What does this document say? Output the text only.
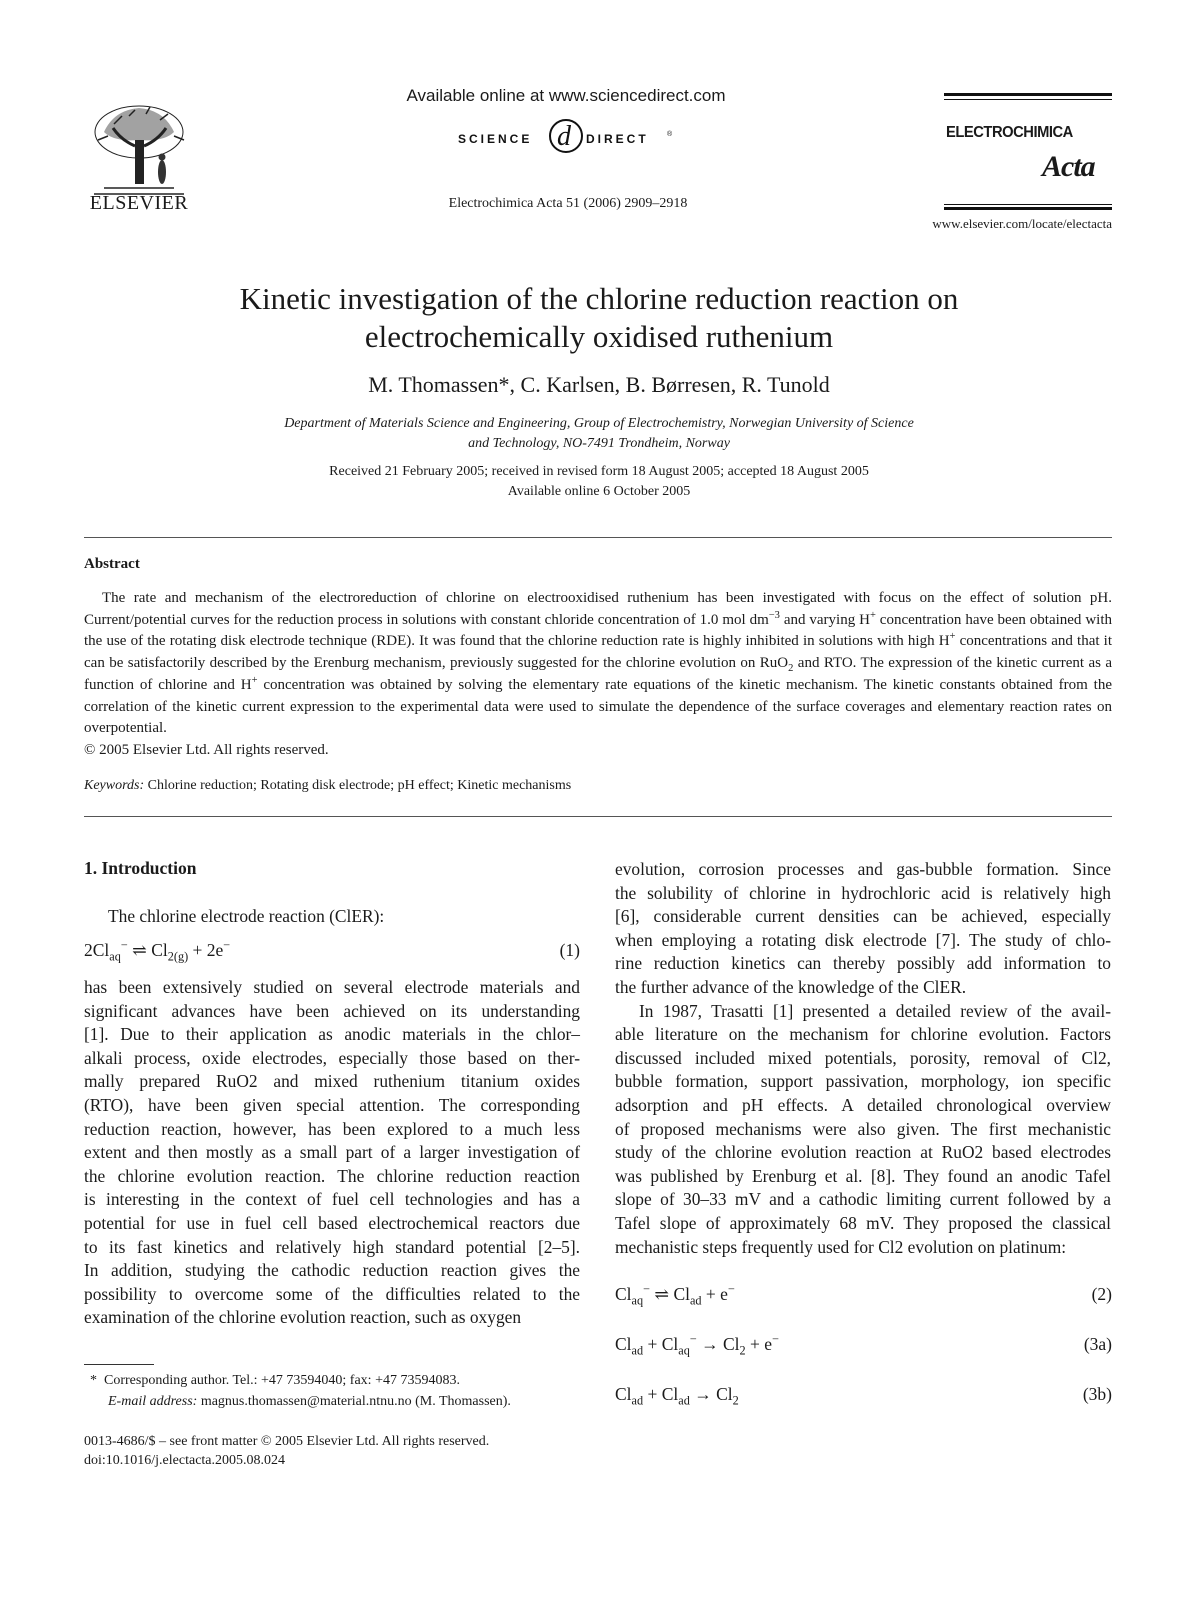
ELSEVIER
Available online at www.sciencedirect.com
SCIENCE d DIRECT	®
Electrochimica Acta 51 (2006) 2909–2918
ELECTROCHIMICA
Acta
www.elsevier.com/locate/electacta
Kinetic investigation of the chlorine reduction reaction on
electrochemically oxidised ruthenium
M. Thomassen*, C. Karlsen, B. Børresen, R. Tunold
Department of Materials Science and Engineering, Group of Electrochemistry, Norwegian University of Science
and Technology, NO-7491 Trondheim, Norway
Received 21 February 2005; received in revised form 18 August 2005; accepted 18 August 2005
Available online 6 October 2005
Abstract

The rate and mechanism of the electroreduction of chlorine on electrooxidised ruthenium has been investigated with focus on the effect of solution pH. Current/potential curves for the reduction process in solutions with constant chloride concentration of 1.0 mol $dm^{-3}$ and varying H+ concentration have been obtained with the use of the rotating disk electrode technique (RDE). It was found that the chlorine reduction rate is highly inhibited in solutions with high H+ concentrations and that it can be satisfactorily described by the Erenburg mechanism, previously suggested for the chlorine evolution on RuO$_2$ and RTO. The expression of the kinetic current as a function of chlorine and H+ concentration was obtained by solving the elementary rate equations of the kinetic mechanism. The kinetic constants obtained from the correlation of the kinetic current expression to the experimental data were used to simulate the dependence of the surface coverages and elementary reaction rates on overpotential.

© 2005 Elsevier Ltd. All rights reserved.

Keywords: Chlorine reduction; Rotating disk electrode; pH effect; Kinetic mechanisms
1. Introduction
The chlorine electrode reaction (ClER):
$2Cl_{aq}^-$ ⇌ $Cl_{2(g)} + 2e^-$	(1)
has been extensively studied on several electrode materials and
significant advances have been achieved on its understanding
[1]. Due to their application as anodic materials in the chlor–
alkali process, oxide electrodes, especially those based on ther-
mally prepared RuO2 and mixed ruthenium titanium oxides
(RTO), have been given special attention. The corresponding
reduction reaction, however, has been explored to a much less
extent and then mostly as a small part of a larger investigation of
the chlorine evolution reaction. The chlorine reduction reaction
is interesting in the context of fuel cell technologies and has a
potential for use in fuel cell based electrochemical reactors due
to its fast kinetics and relatively high standard potential [2–5].
In addition, studying the cathodic reduction reaction gives the
possibility to overcome some of the difficulties related to the
examination of the chlorine evolution reaction, such as oxygen
evolution, corrosion processes and gas-bubble formation. Since
the solubility of chlorine in hydrochloric acid is relatively high
[6], considerable current densities can be achieved, especially
when employing a rotating disk electrode [7]. The study of chlo-
rine reduction kinetics can thereby possibly add information to
the further advance of the knowledge of the ClER.
In 1987, Trasatti [1] presented a detailed review of the avail-
able literature on the mechanism for chlorine evolution. Factors
discussed included mixed potentials, porosity, removal of Cl2,
bubble formation, support passivation, morphology, ion specific
adsorption and pH effects. A detailed chronological overview
of proposed mechanisms were also given. The first mechanistic
study of the chlorine evolution reaction at RuO2 based electrodes
was published by Erenburg et al. [8]. They found an anodic Tafel
slope of 30–33 mV and a cathodic limiting current followed by a
Tafel slope of approximately 68 mV. They proposed the classical
mechanistic steps frequently used for Cl2 evolution on platinum:
$Cl_{aq}^-$ ⇌ $Cl_{ad} + e^-$	(2)
$Cl_{ad} + Cl_{aq}^- \to Cl_2 + e^-$	(3a)
$Cl_{ad} + Cl_{ad} \to Cl_2$	(3b)
* Corresponding author. Tel.: +47 73594040; fax: +47 73594083.
E-mail address: magnus.thomassen@material.ntnu.no (M. Thomassen).
0013-4686/$ – see front matter © 2005 Elsevier Ltd. All rights reserved.
doi:10.1016/j.electacta.2005.08.024
